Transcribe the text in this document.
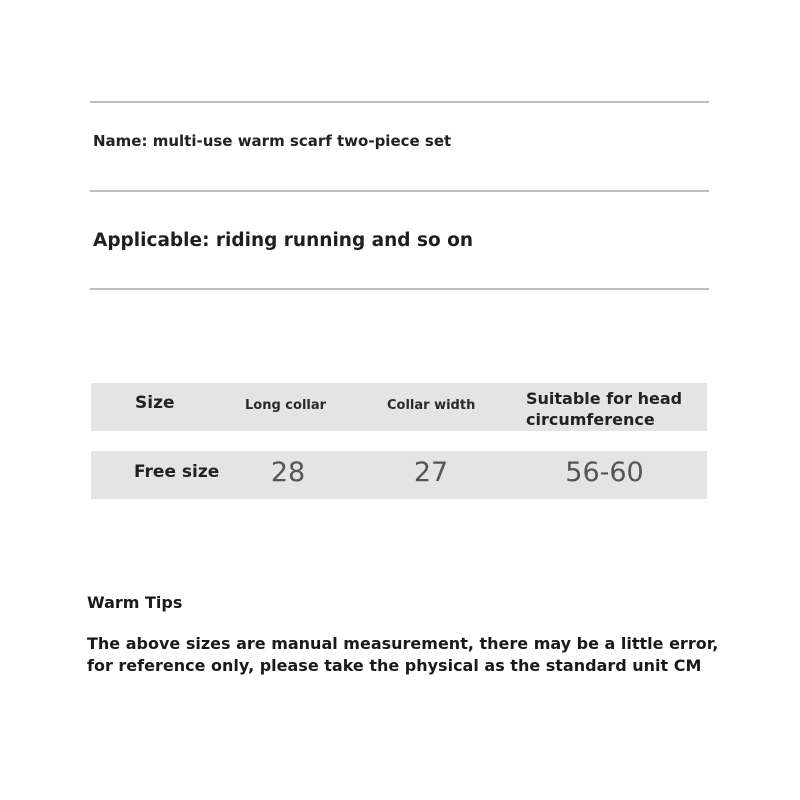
Name: multi-use warm scarf two-piece set
Applicable: riding running and so on
Size	Long collar	Collar width	Suitable for head circumference
Free size	28	27	56-60
Warm Tips
The above sizes are manual measurement, there may be a little error, for reference only, please take the physical as the standard unit CM
